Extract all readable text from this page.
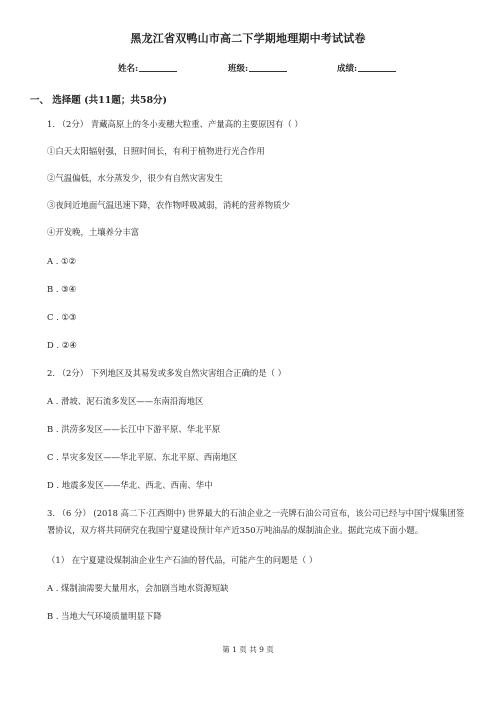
黑龙江省双鸭山市高二下学期地理期中考试试卷
姓名:	班级:	成绩:
一、 选择题 (共11题；共58分)
1. （2分） 青藏高原上的冬小麦穗大粒重、产量高的主要原因有（ ）
①白天太阳辐射强，日照时间长，有利于植物进行光合作用
②气温偏低，水分蒸发少，很少有自然灾害发生
③夜间近地面气温迅速下降，农作物呼吸减弱，消耗的营养物质少
④开发晚，土壤养分丰富
A . ①②
B . ③④
C . ①③
D . ②④
2. （2分） 下列地区及其易发或多发自然灾害组合正确的是（ ）
A . 滑坡、泥石流多发区——东南沿海地区
B . 洪涝多发区——长江中下游平原、华北平原
C . 旱灾多发区——华北平原、东北平原、西南地区
D . 地震多发区——华北、西北、西南、华中
3. （6 分） (2018 高二下·江西期中) 世界最大的石油企业之一壳牌石油公司宣布，该公司已经与中国宁煤集团签署协议，双方将共同研究在我国宁夏建设预计年产近350万吨油品的煤制油企业。据此完成下面小题。
（1） 在宁夏建设煤制油企业生产石油的替代品，可能产生的问题是（ ）
A . 煤制油需要大量用水，会加剧当地水资源短缺
B . 当地大气环境质量明显下降
第 1 页 共 9 页
